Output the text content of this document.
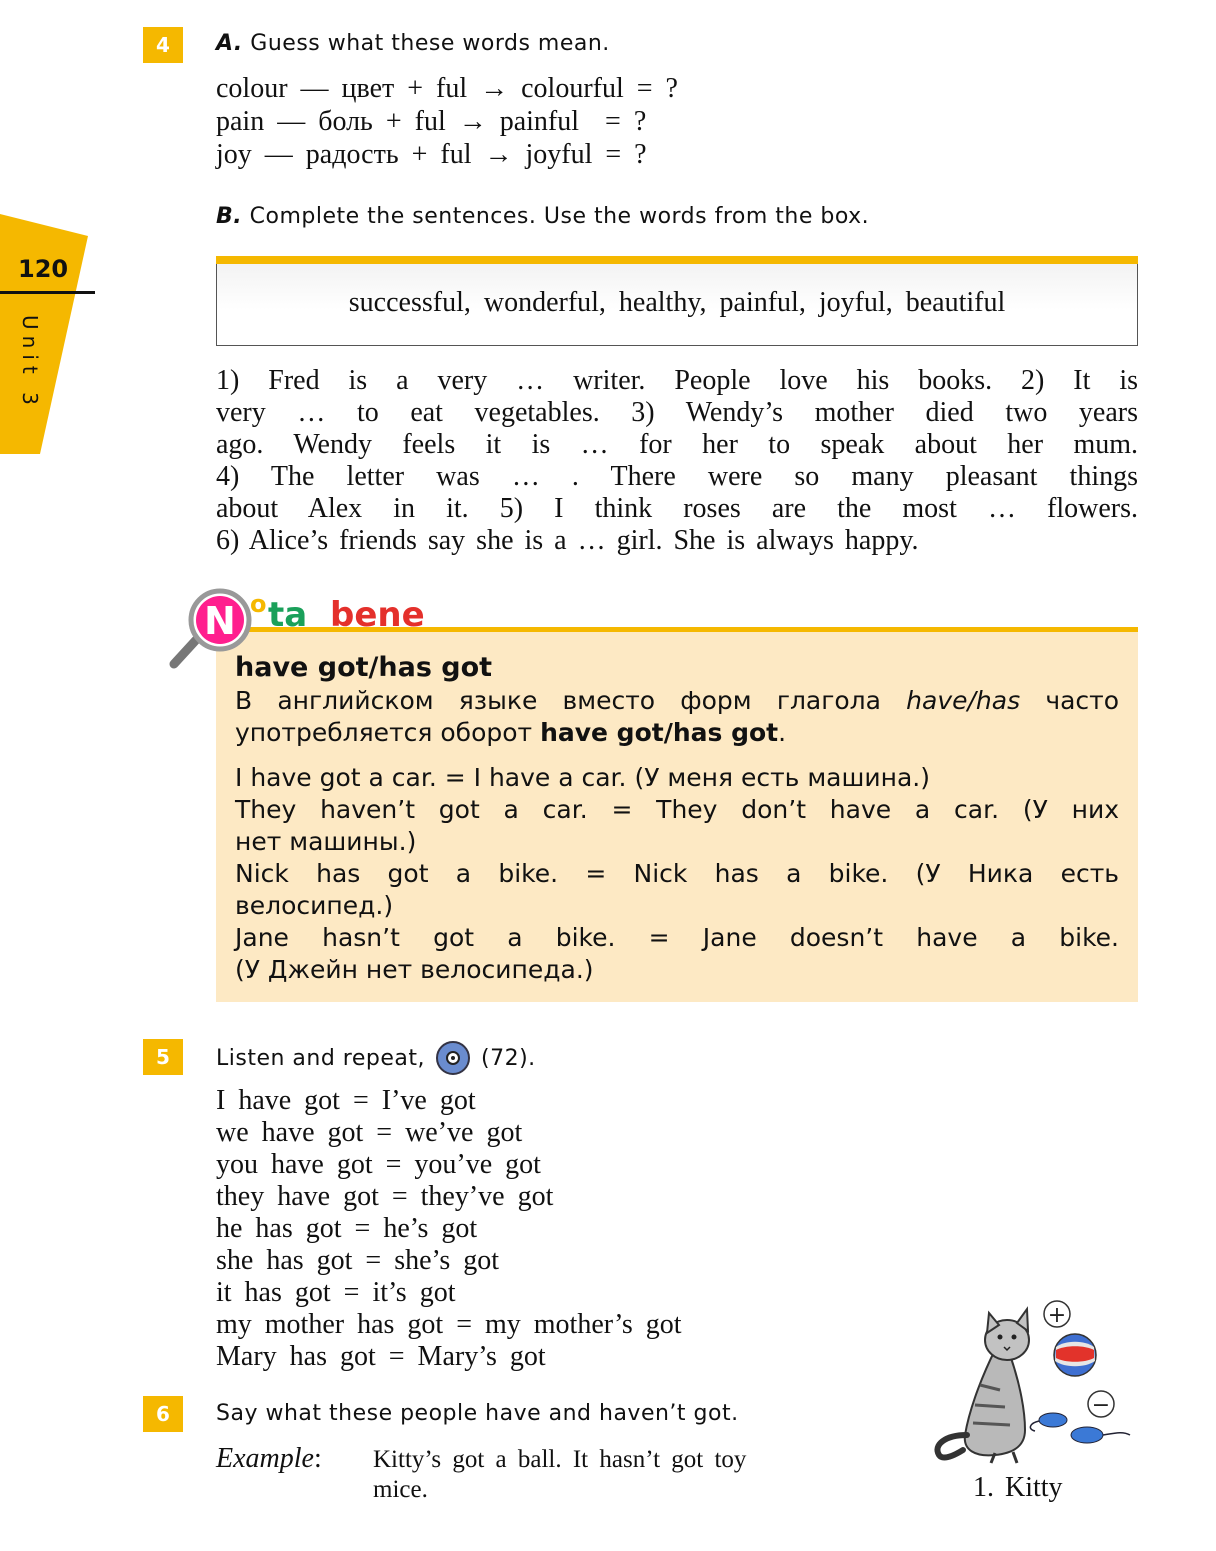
120
Unit 3
4	A. Guess what these words mean.
colour — цвет + ful → colourful = ?
pain — боль + ful → painful  = ?
joy — радость + ful → joyful = ?
B. Complete the sentences. Use the words from the box.
successful, wonderful, healthy, painful, joyful, beautiful
1) Fred is a very … writer. People love his books. 2) It is
very … to eat vegetables. 3) Wendy’s mother died two years
ago. Wendy feels it is … for her to speak about her mum.
4) The letter was … . There were so many pleasant things
about Alex in it. 5) I think roses are the most … flowers.
6) Alice’s friends say she is a … girl. She is always happy.
N o ta bene
have got/has got
В английском языке вместо форм глагола have/has часто
употребляется оборот have got/has got.
I have got a car. = I have a car. (У меня есть машина.)
They haven’t got a car. = They don’t have a car. (У них
нет машины.)
Nick has got a bike. = Nick has a bike. (У Ника есть
велосипед.)
Jane hasn’t got a bike. = Jane doesn’t have a bike.
(У Джейн нет велосипеда.)
5	Listen and repeat,	(72).
I have got = I’ve got
we have got = we’ve got
you have got = you’ve got
they have got = they’ve got
he has got = he’s got
she has got = she’s got
it has got = it’s got
my mother has got = my mother’s got
Mary has got = Mary’s got
6	Say what these people have and haven’t got.
Example: Kitty’s got a ball. It hasn’t got toy
mice.
+
−
1. Kitty
